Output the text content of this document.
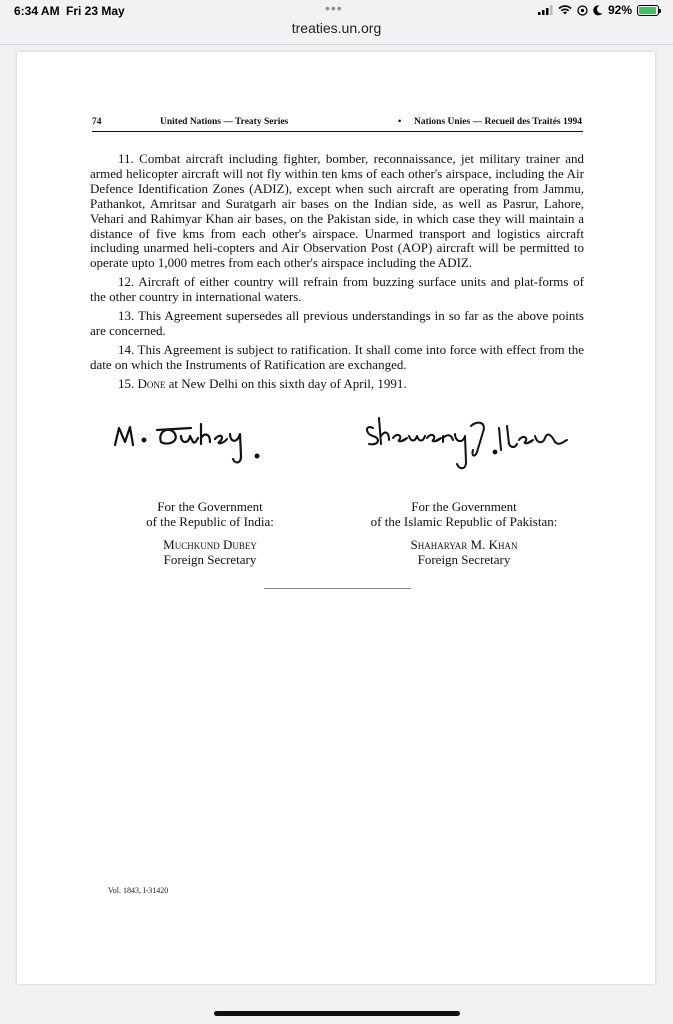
6:34 AM Fri 23 May	•••	92%
treaties.un.org
74	United Nations — Treaty Series	• Nations Unies — Recueil des Traités 1994

11. Combat aircraft including fighter, bomber, reconnaissance, jet military trainer and armed helicopter aircraft will not fly within ten kms of each other's airspace, including the Air Defence Identification Zones (ADIZ), except when such aircraft are operating from Jammu, Pathankot, Amritsar and Suratgarh air bases on the Indian side, as well as Pasrur, Lahore, Vehari and Rahimyar Khan air bases, on the Pakistan side, in which case they will maintain a distance of five kms from each other's airspace. Unarmed transport and logistics aircraft including unarmed heli-copters and Air Observation Post (AOP) aircraft will be permitted to operate upto 1,000 metres from each other's airspace including the ADIZ.

12. Aircraft of either country will refrain from buzzing surface units and plat-forms of the other country in international waters.

13. This Agreement supersedes all previous understandings in so far as the above points are concerned.

14. This Agreement is subject to ratification. It shall come into force with effect from the date on which the Instruments of Ratification are exchanged.

15. Done at New Delhi on this sixth day of April, 1991.

For the Government
of the Republic of India:
Muchkund Dubey
Foreign Secretary
For the Government
of the Islamic Republic of Pakistan:
Shaharyar M. Khan
Foreign Secretary
Vol. 1843, I-31420
